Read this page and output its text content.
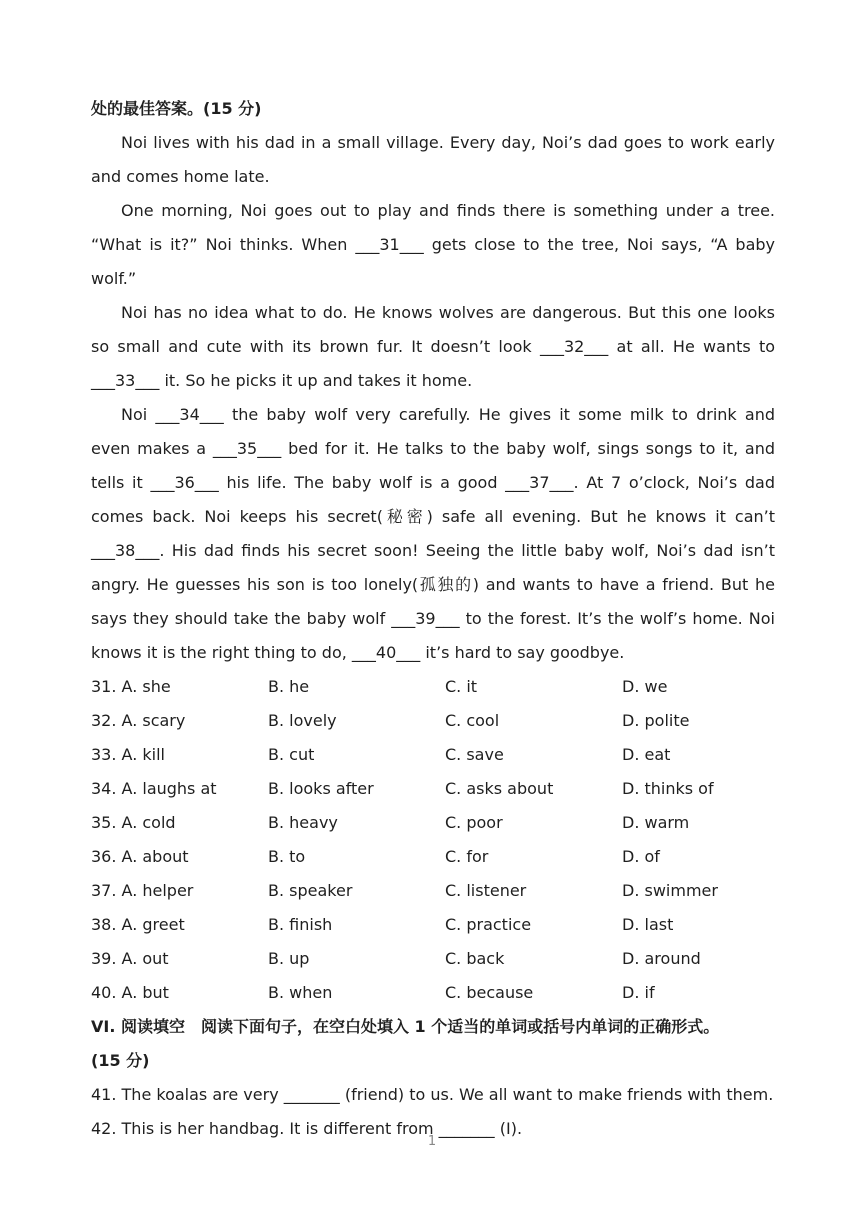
处的最佳答案。(15 分)

Noi lives with his dad in a small village. Every day, Noi’s dad goes to work early and comes home late.

One morning, Noi goes out to play and finds there is something under a tree. “What is it?” Noi thinks. When ___31___ gets close to the tree, Noi says, “A baby wolf.”

Noi has no idea what to do. He knows wolves are dangerous. But this one looks so small and cute with its brown fur. It doesn’t look ___32___ at all. He wants to ___33___ it. So he picks it up and takes it home.

Noi ___34___ the baby wolf very carefully. He gives it some milk to drink and even makes a ___35___ bed for it. He talks to the baby wolf, sings songs to it, and tells it ___36___ his life. The baby wolf is a good ___37___. At 7 o’clock, Noi’s dad comes back. Noi keeps his secret(秘密) safe all evening. But he knows it can’t ___38___. His dad finds his secret soon! Seeing the little baby wolf, Noi’s dad isn’t angry. He guesses his son is too lonely(孤独的) and wants to have a friend. But he says they should take the baby wolf ___39___ to the forest. It’s the wolf’s home. Noi knows it is the right thing to do, ___40___ it’s hard to say goodbye.

31. A. she	B. he	C. it	D. we
32. A. scary	B. lovely	C. cool	D. polite
33. A. kill	B. cut	C. save	D. eat
34. A. laughs at	B. looks after	C. asks about	D. thinks of
35. A. cold	B. heavy	C. poor	D. warm
36. A. about	B. to	C. for	D. of
37. A. helper	B. speaker	C. listener	D. swimmer
38. A. greet	B. finish	C. practice	D. last
39. A. out	B. up	C. back	D. around
40. A. but	B. when	C. because	D. if

VI. 阅读填空　阅读下面句子，在空白处填入 1 个适当的单词或括号内单词的正确形式。

(15 分)

41. The koalas are very _______ (friend) to us. We all want to make friends with them.

42. This is her handbag. It is different from _______ (I).

1
